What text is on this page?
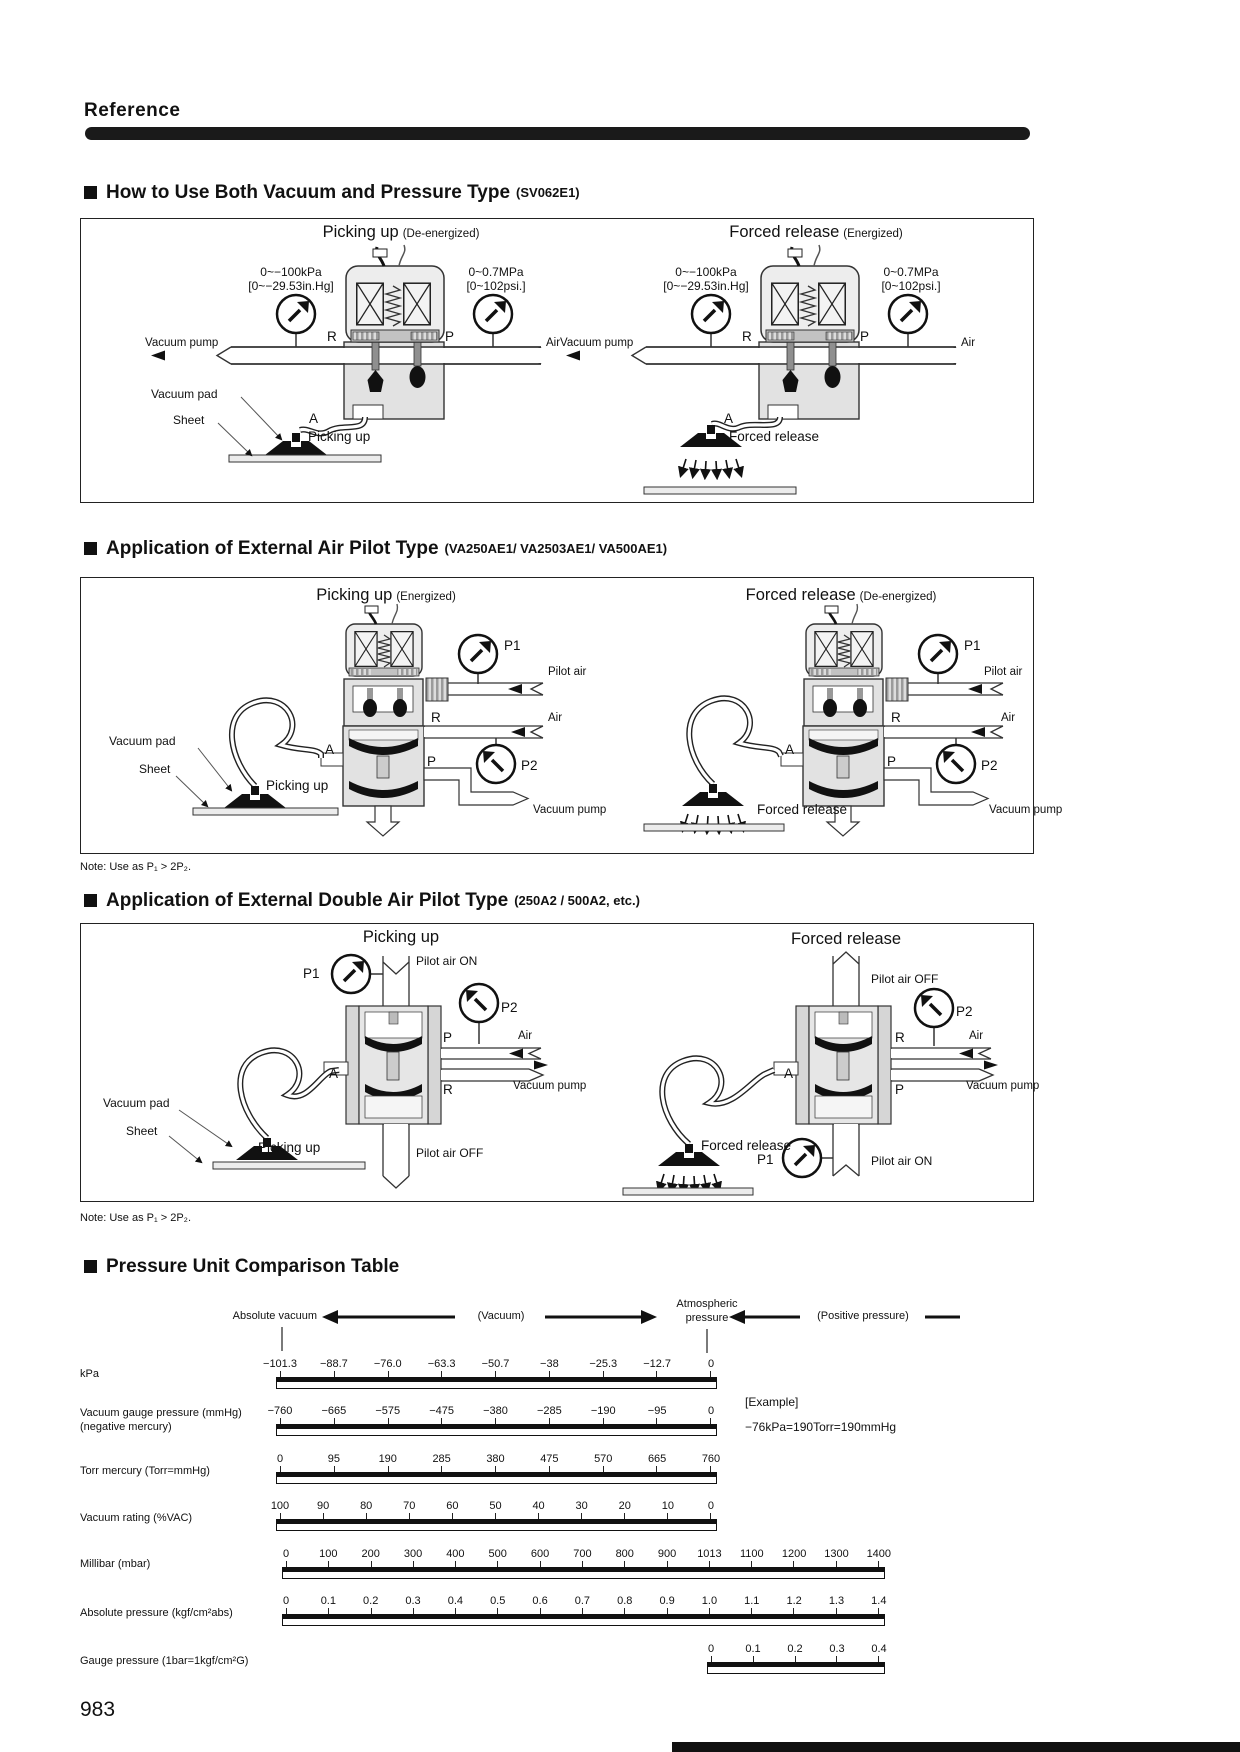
Reference
How to Use Both Vacuum and Pressure Type (SV062E1)
Picking up (De-energized)	Forced release (Energized)
0~−100kPa
[0~−29.53in.Hg]
0~0.7MPa
[0~102psi.]
0~−100kPa
[0~−29.53in.Hg]
0~0.7MPa
[0~102psi.]
Vacuum pump	Vacuum pump
Air	Air
R	P	R	P
A	A
Vacuum pad
Sheet
Picking up	Forced release
Application of External Air Pilot Type (VA250AE1/ VA2503AE1/ VA500AE1)
Picking up (Energized)	Forced release (De-energized)
P1	P1
P2	P2
Pilot air	Pilot air
Air	Air
Vacuum pump	Vacuum pump
R	R
A	A
P	P
Vacuum pad
Sheet
Picking up
Forced release
Note: Use as P₁ > 2P₂.
Application of External Double Air Pilot Type (250A2 / 500A2, etc.)
Picking up	Forced release
Pilot air ON
Pilot air OFF
Pilot air OFF
Pilot air ON
P1
P2
P1
P2
P
R
A
R
P
A
Air	Air
Vacuum pump	Vacuum pump
Vacuum pad
Sheet
Picking up	Forced release
Note: Use as P₁ > 2P₂.
Pressure Unit Comparison Table
Absolute vacuum	(Vacuum)
Atmospheric
pressure	(Positive pressure)
[Example]
−76kPa=190Torr=190mmHg
kPa
−101.3	−88.7	−76.0	−63.3	−50.7	−38	−25.3	−12.7	0
Vacuum gauge pressure (mmHg)
(negative mercury)
−760	−665	−575	−475	−380	−285	−190	−95	0
Torr mercury (Torr=mmHg)
0	95	190	285	380	475	570	665	760
Vacuum rating (%VAC)
100	90	80	70	60	50	40	30	20	10	0
Millibar (mbar)
0	100	200	300	400	500	600	700	800	900	1013	1100	1200	1300	1400
Absolute pressure (kgf/cm²abs)
0	0.1	0.2	0.3	0.4	0.5	0.6	0.7	0.8	0.9	1.0	1.1	1.2	1.3	1.4
Gauge pressure (1bar=1kgf/cm²G)
0	0.1	0.2	0.3	0.4
983
